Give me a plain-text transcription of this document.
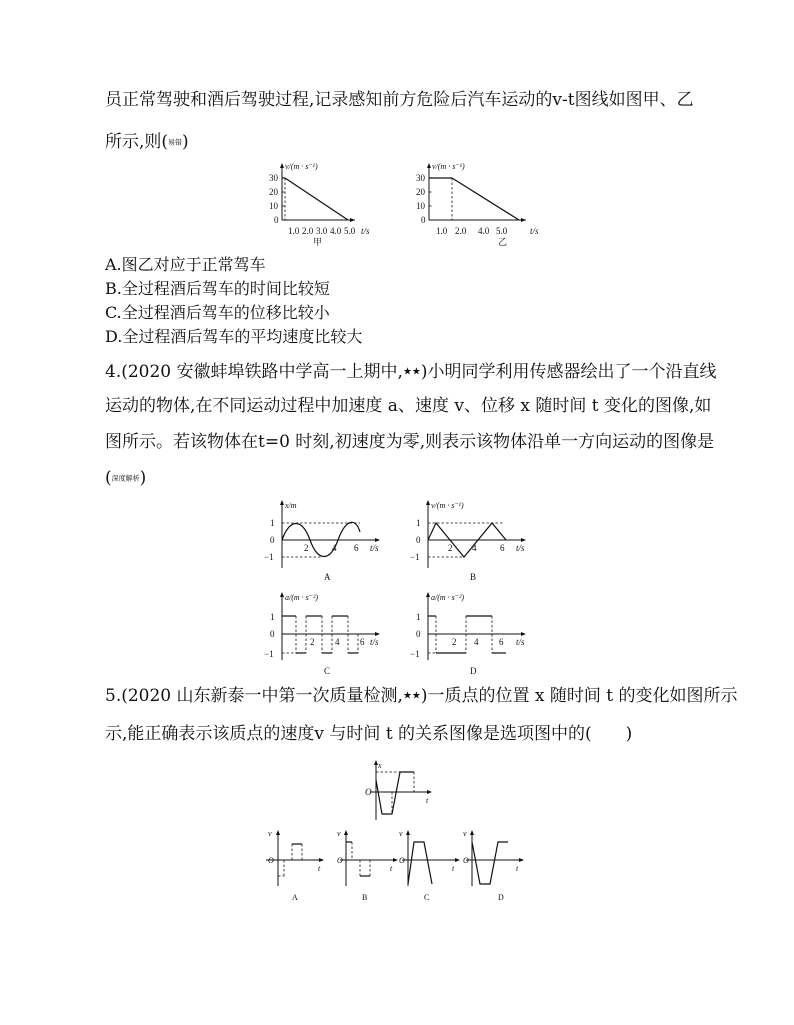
员正常驾驶和酒后驾驶过程,记录感知前方危险后汽车运动的v-t图线如图甲、乙
所示,则(易错)
v/(m · s⁻¹)
30
20
10
0
1.0 2.0 3.0 4.0 5.0 t/s
甲
v/(m · s⁻¹)
30
20
10
0
1.0 2.0 4.0 5.0	t/s
乙
A.图乙对应于正常驾车
B.全过程酒后驾车的时间比较短
C.全过程酒后驾车的位移比较小
D.全过程酒后驾车的平均速度比较大
4.(2020 安徽蚌埠铁路中学高一上期中,★★)小明同学利用传感器绘出了一个沿直线
运动的物体,在不同运动过程中加速度 a、速度 v、位移 x 随时间 t 变化的图像,如
图所示。若该物体在t=0 时刻,初速度为零,则表示该物体沿单一方向运动的图像是
(深度解析)
x/m
1
0
−1
2	4 6 t/s
A
v/(m · s⁻¹)
1
0
−1
2 4	6 t/s
B
a/(m · s⁻²)
1
0
−1
2 4 6 t/s
C
a/(m · s⁻²)
1
0
−1
2 4 6 t/s
D
5.(2020 山东新泰一中第一次质量检测,★★)一质点的位置 x 随时间 t 的变化如图所示
示,能正确表示该质点的速度v 与时间 t 的关系图像是选项图中的(　　)
x
O
t
v
O
t
A
v
O
t
B
v
O
t
C
v
O
t
D
